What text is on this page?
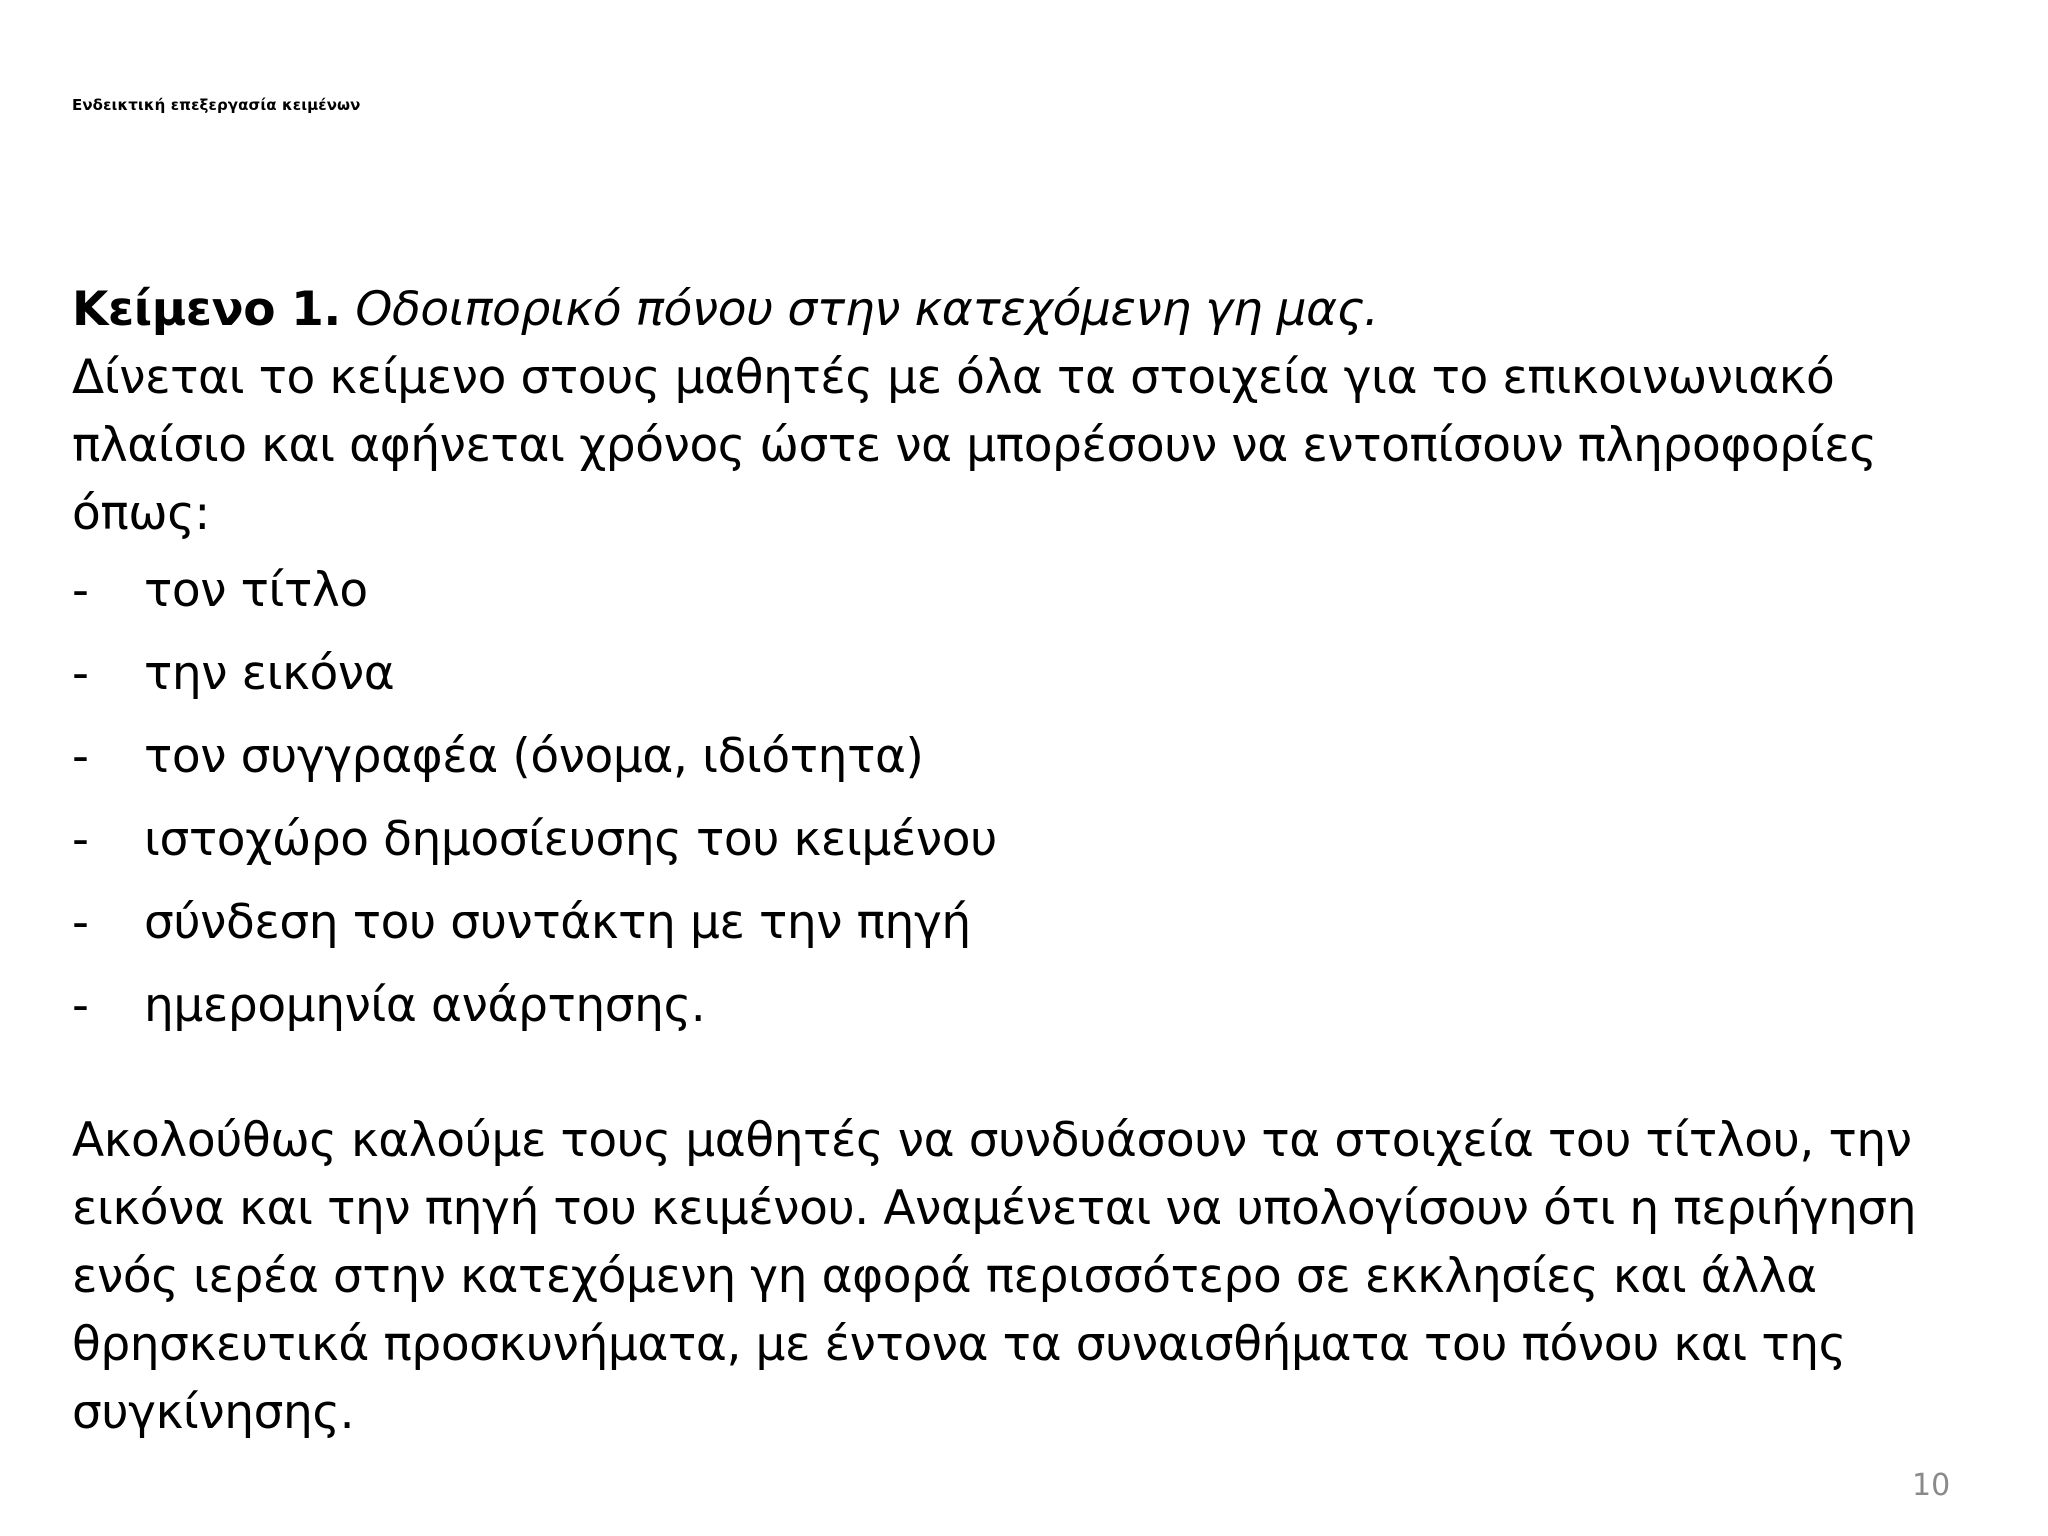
Ενδεικτική επεξεργασία κειμένων

Κείμενο 1. Οδοιπορικό πόνου στην κατεχόμενη γη μας.

Δίνεται το κείμενο στους μαθητές με όλα τα στοιχεία για το επικοινωνιακό πλαίσιο και αφήνεται χρόνος ώστε να μπορέσουν να εντοπίσουν πληροφορίες όπως:

-	τον τίτλο
-	την εικόνα
-	τον συγγραφέα (όνομα, ιδιότητα)
-	ιστοχώρο δημοσίευσης του κειμένου
-	σύνδεση του συντάκτη με την πηγή
-	ημερομηνία ανάρτησης.

Ακολούθως καλούμε τους μαθητές να συνδυάσουν τα στοιχεία του τίτλου, την εικόνα και την πηγή του κειμένου. Αναμένεται να υπολογίσουν ότι η περιήγηση ενός ιερέα στην κατεχόμενη γη αφορά περισσότερο σε εκκλησίες και άλλα θρησκευτικά προσκυνήματα, με έντονα τα συναισθήματα του πόνου και της συγκίνησης.

10
